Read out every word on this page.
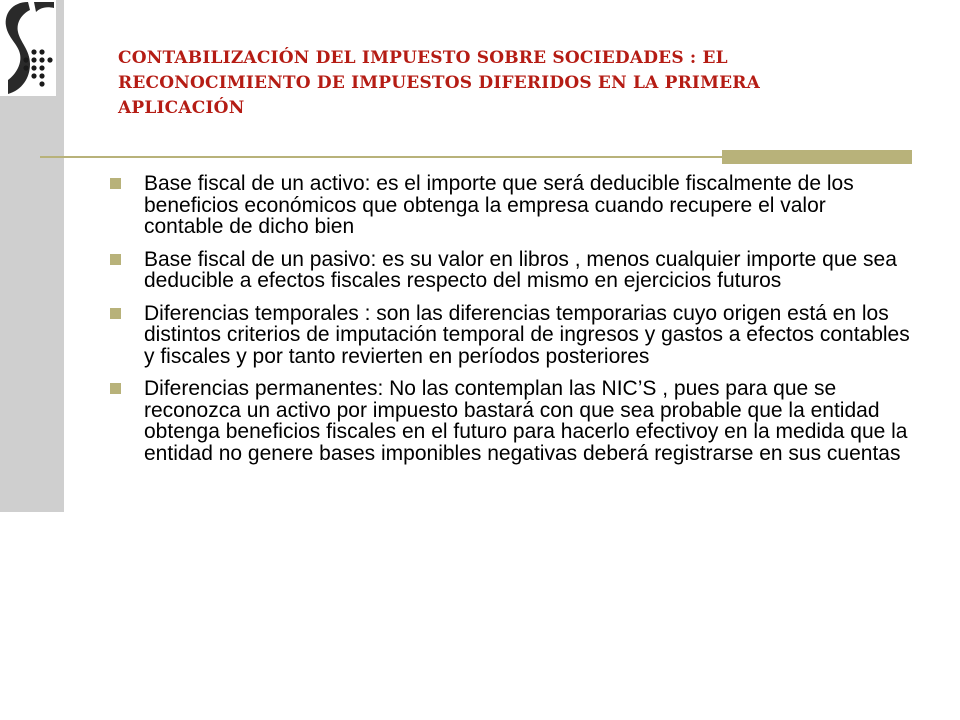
CONTABILIZACIÓN DEL IMPUESTO SOBRE SOCIEDADES : EL RECONOCIMIENTO DE IMPUESTOS DIFERIDOS EN LA PRIMERA APLICACIÓN
Base fiscal de un activo: es el importe que será deducible fiscalmente de los beneficios económicos que obtenga la empresa cuando recupere el valor contable de dicho bien
Base fiscal de un pasivo: es su valor en libros , menos cualquier importe que sea deducible a efectos fiscales respecto del mismo en ejercicios futuros
Diferencias temporales : son las diferencias temporarias cuyo origen está en los distintos criterios de imputación temporal de ingresos y gastos a efectos contables y fiscales y por tanto revierten en períodos posteriores
Diferencias permanentes: No las contemplan las NIC’S , pues para que se reconozca un activo por impuesto bastará con que sea probable que la entidad obtenga beneficios fiscales en el futuro para hacerlo efectivoy en la medida que la entidad no genere bases imponibles negativas deberá registrarse en sus cuentas
